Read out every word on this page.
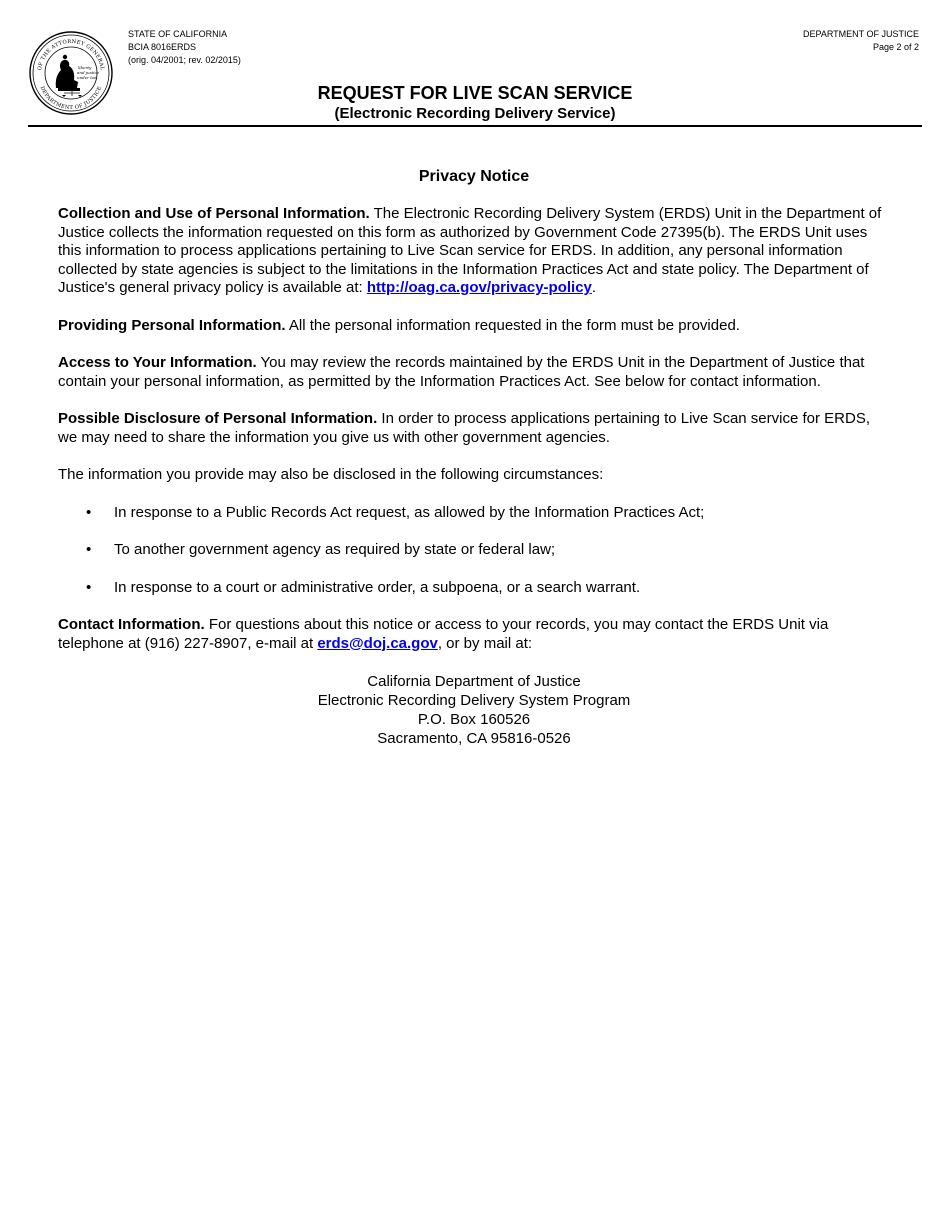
OF THE ATTORNEY GENERAL
DEPARTMENT OF JUSTICE
liberty
and justice
under law
STATE OF CALIFORNIA
BCIA 8016ERDS
(orig. 04/2001; rev. 02/2015)
DEPARTMENT OF JUSTICE
Page 2 of 2
REQUEST FOR LIVE SCAN SERVICE
(Electronic Recording Delivery Service)
Privacy Notice

Collection and Use of Personal Information. The Electronic Recording Delivery System (ERDS) Unit in the Department of Justice collects the information requested on this form as authorized by Government Code 27395(b). The ERDS Unit uses this information to process applications pertaining to Live Scan service for ERDS. In addition, any personal information collected by state agencies is subject to the limitations in the Information Practices Act and state policy. The Department of Justice's general privacy policy is available at: http://oag.ca.gov/privacy-policy.

Providing Personal Information. All the personal information requested in the form must be provided.

Access to Your Information. You may review the records maintained by the ERDS Unit in the Department of Justice that contain your personal information, as permitted by the Information Practices Act. See below for contact information.

Possible Disclosure of Personal Information. In order to process applications pertaining to Live Scan service for ERDS, we may need to share the information you give us with other government agencies.

The information you provide may also be disclosed in the following circumstances:

• In response to a Public Records Act request, as allowed by the Information Practices Act;
• To another government agency as required by state or federal law;
• In response to a court or administrative order, a subpoena, or a search warrant.

Contact Information. For questions about this notice or access to your records, you may contact the ERDS Unit via telephone at (916) 227-8907, e-mail at erds@doj.ca.gov, or by mail at:

California Department of Justice
Electronic Recording Delivery System Program
P.O. Box 160526
Sacramento, CA 95816-0526
